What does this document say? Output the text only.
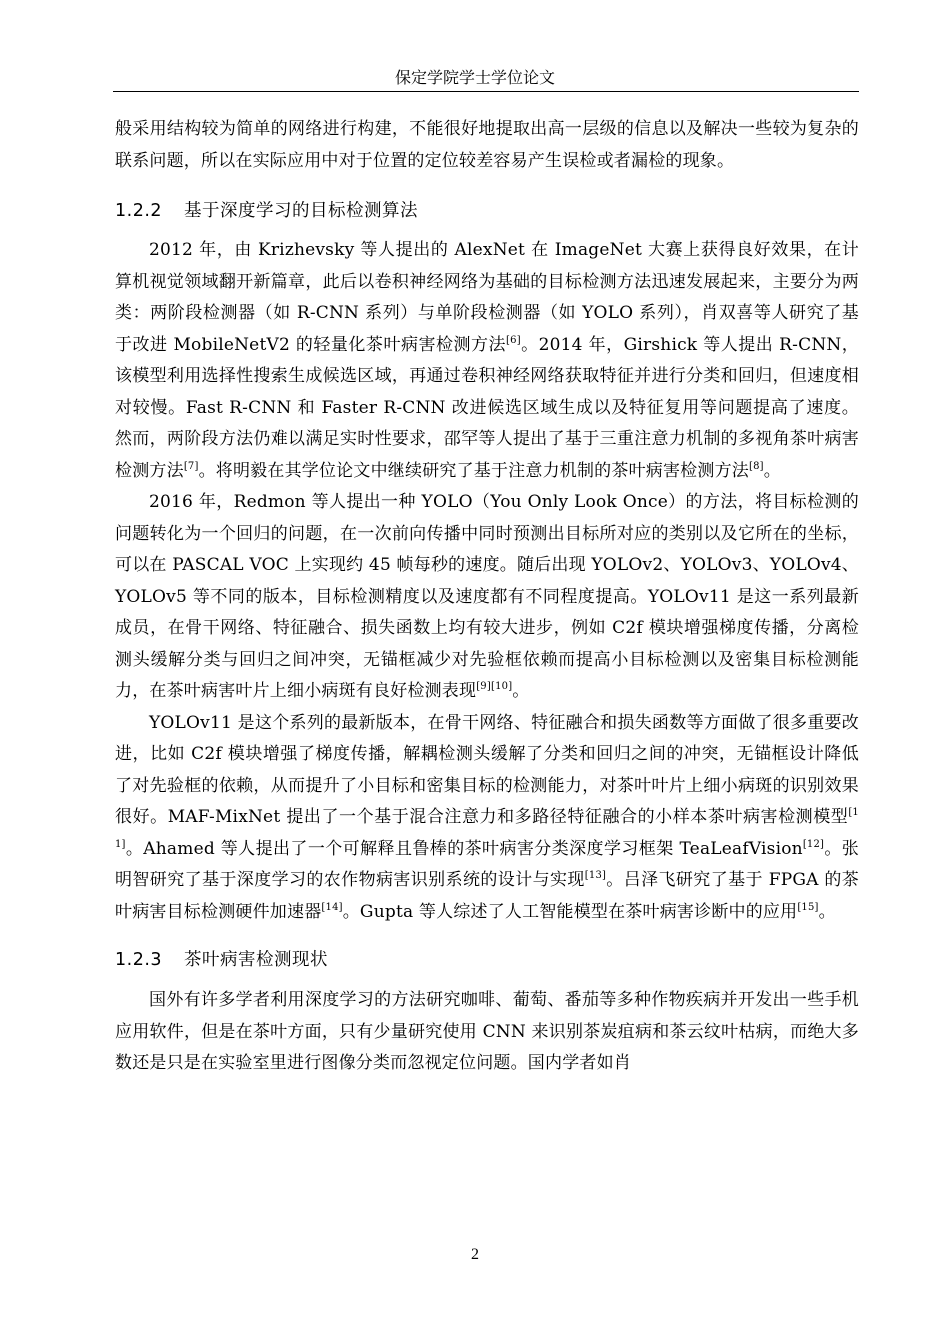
保定学院学士学位论文

般采用结构较为简单的网络进行构建，不能很好地提取出高一层级的信息以及解决一些较为复杂的联系问题，所以在实际应用中对于位置的定位较差容易产生误检或者漏检的现象。

1.2.2 基于深度学习的目标检测算法

2012 年，由 Krizhevsky 等人提出的 AlexNet 在 ImageNet 大赛上获得良好效果，在计算机视觉领域翻开新篇章，此后以卷积神经网络为基础的目标检测方法迅速发展起来，主要分为两类：两阶段检测器（如 R-CNN 系列）与单阶段检测器（如 YOLO 系列），肖双喜等人研究了基于改进 MobileNetV2 的轻量化茶叶病害检测方法[6]。2014 年，Girshick 等人提出 R-CNN，该模型利用选择性搜索生成候选区域，再通过卷积神经网络获取特征并进行分类和回归，但速度相对较慢。Fast R-CNN 和 Faster R-CNN 改进候选区域生成以及特征复用等问题提高了速度。然而，两阶段方法仍难以满足实时性要求，邵罕等人提出了基于三重注意力机制的多视角茶叶病害检测方法[7]。将明毅在其学位论文中继续研究了基于注意力机制的茶叶病害检测方法[8]。

2016 年，Redmon 等人提出一种 YOLO（You Only Look Once）的方法，将目标检测的问题转化为一个回归的问题，在一次前向传播中同时预测出目标所对应的类别以及它所在的坐标，可以在 PASCAL VOC 上实现约 45 帧每秒的速度。随后出现 YOLOv2、YOLOv3、YOLOv4、YOLOv5 等不同的版本，目标检测精度以及速度都有不同程度提高。YOLOv11 是这一系列最新成员，在骨干网络、特征融合、损失函数上均有较大进步，例如 C2f 模块增强梯度传播，分离检测头缓解分类与回归之间冲突，无锚框减少对先验框依赖而提高小目标检测以及密集目标检测能力，在茶叶病害叶片上细小病斑有良好检测表现[9][10]。

YOLOv11 是这个系列的最新版本，在骨干网络、特征融合和损失函数等方面做了很多重要改进，比如 C2f 模块增强了梯度传播，解耦检测头缓解了分类和回归之间的冲突，无锚框设计降低了对先验框的依赖，从而提升了小目标和密集目标的检测能力，对茶叶叶片上细小病斑的识别效果很好。MAF-MixNet 提出了一个基于混合注意力和多路径特征融合的小样本茶叶病害检测模型[11]。Ahamed 等人提出了一个可解释且鲁棒的茶叶病害分类深度学习框架 TeaLeafVision[12]。张明智研究了基于深度学习的农作物病害识别系统的设计与实现[13]。吕泽飞研究了基于 FPGA 的茶叶病害目标检测硬件加速器[14]。Gupta 等人综述了人工智能模型在茶叶病害诊断中的应用[15]。

1.2.3 茶叶病害检测现状

国外有许多学者利用深度学习的方法研究咖啡、葡萄、番茄等多种作物疾病并开发出一些手机应用软件，但是在茶叶方面，只有少量研究使用 CNN 来识别茶炭疽病和茶云纹叶枯病，而绝大多数还是只是在实验室里进行图像分类而忽视定位问题。国内学者如肖

2
